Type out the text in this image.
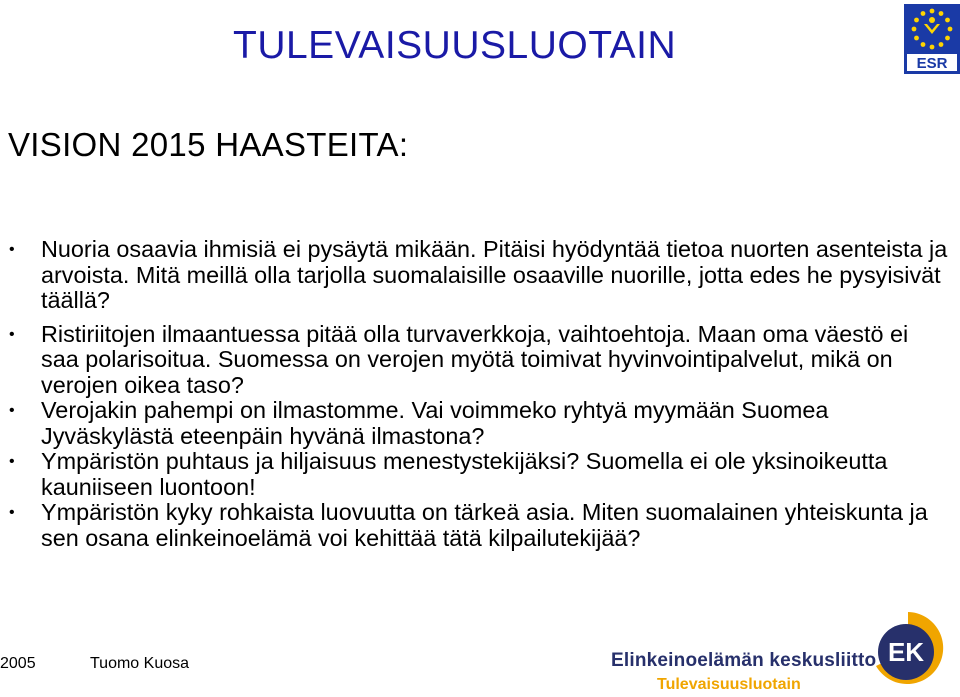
TULEVAISUUSLUOTAIN	ESR
VISION 2015 HAASTEITA:
• Nuoria osaavia ihmisiä ei pysäytä mikään. Pitäisi hyödyntää tietoa nuorten asenteista ja arvoista. Mitä meillä olla tarjolla suomalaisille osaaville nuorille, jotta edes he pysyisivät täällä?
• Ristiriitojen ilmaantuessa pitää olla turvaverkkoja, vaihtoehtoja. Maan oma väestö ei saa polarisoitua. Suomessa on verojen myötä toimivat hyvinvointipalvelut, mikä on verojen oikea taso?
• Verojakin pahempi on ilmastomme. Vai voimmeko ryhtyä myymään Suomea Jyväskylästä eteenpäin hyvänä ilmastona?
• Ympäristön puhtaus ja hiljaisuus menestystekijäksi? Suomella ei ole yksinoikeutta kauniiseen luontoon!
• Ympäristön kyky rohkaista luovuutta on tärkeä asia. Miten suomalainen yhteiskunta ja sen osana elinkeinoelämä voi kehittää tätä kilpailutekijää?
2005	Tuomo Kuosa	Elinkeinoelämän keskusliitto
Tulevaisuusluotain
EK
